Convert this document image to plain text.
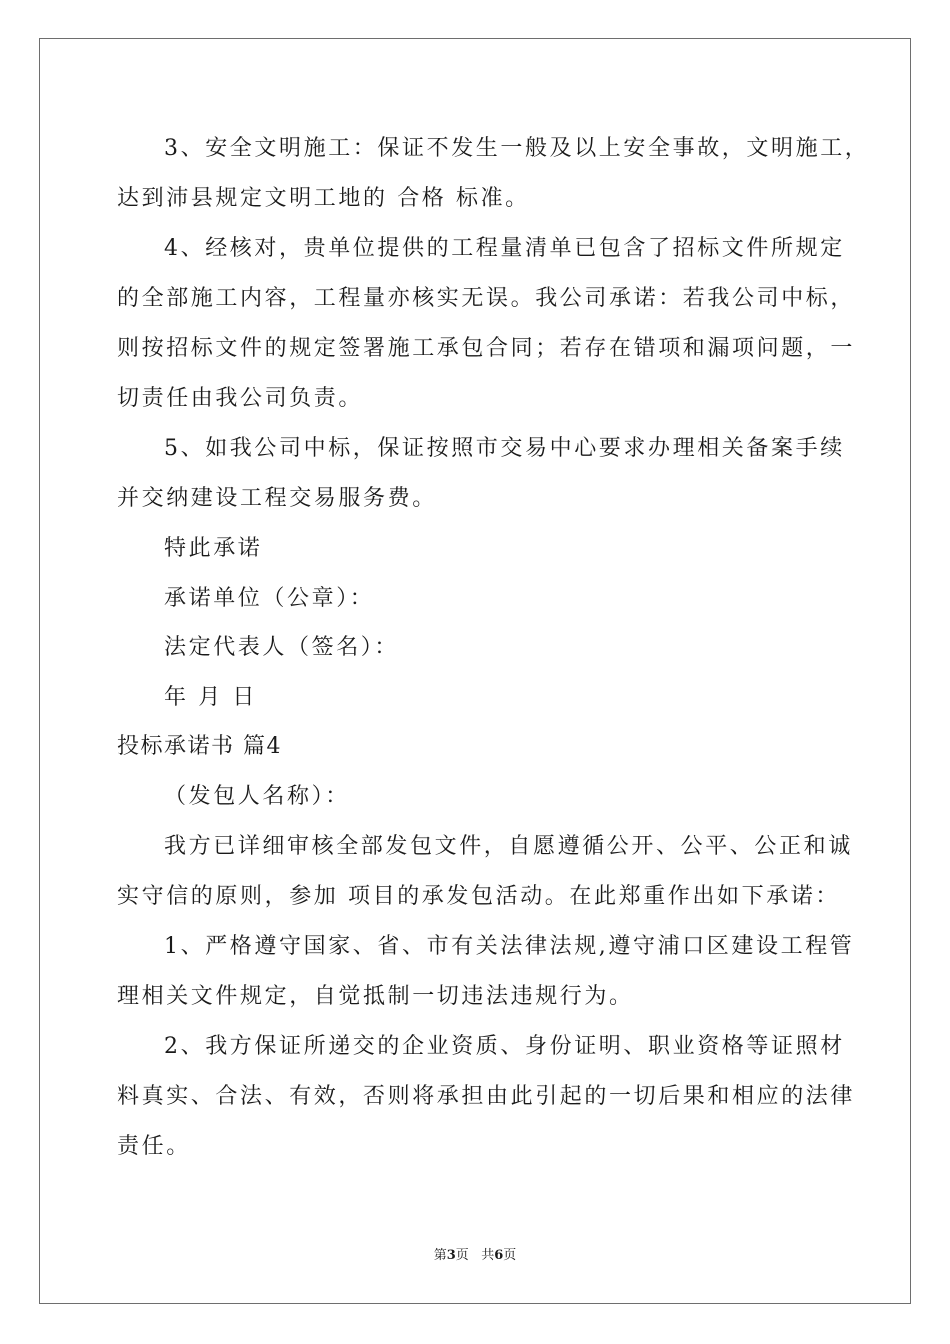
3、安全文明施工：保证不发生一般及以上安全事故，文明施工，
达到沛县规定文明工地的 合格 标准。
4、经核对，贵单位提供的工程量清单已包含了招标文件所规定
的全部施工内容，工程量亦核实无误。我公司承诺：若我公司中标，
则按招标文件的规定签署施工承包合同；若存在错项和漏项问题，一
切责任由我公司负责。
5、如我公司中标，保证按照市交易中心要求办理相关备案手续
并交纳建设工程交易服务费。
特此承诺
承诺单位（公章）：
法定代表人（签名）：
年 月 日
投标承诺书 篇4
（发包人名称）：
我方已详细审核全部发包文件，自愿遵循公开、公平、公正和诚
实守信的原则，参加 项目的承发包活动。在此郑重作出如下承诺：
1、严格遵守国家、省、市有关法律法规,遵守浦口区建设工程管
理相关文件规定，自觉抵制一切违法违规行为。
2、我方保证所递交的企业资质、身份证明、职业资格等证照材
料真实、合法、有效，否则将承担由此引起的一切后果和相应的法律
责任。
第3页   共6页
